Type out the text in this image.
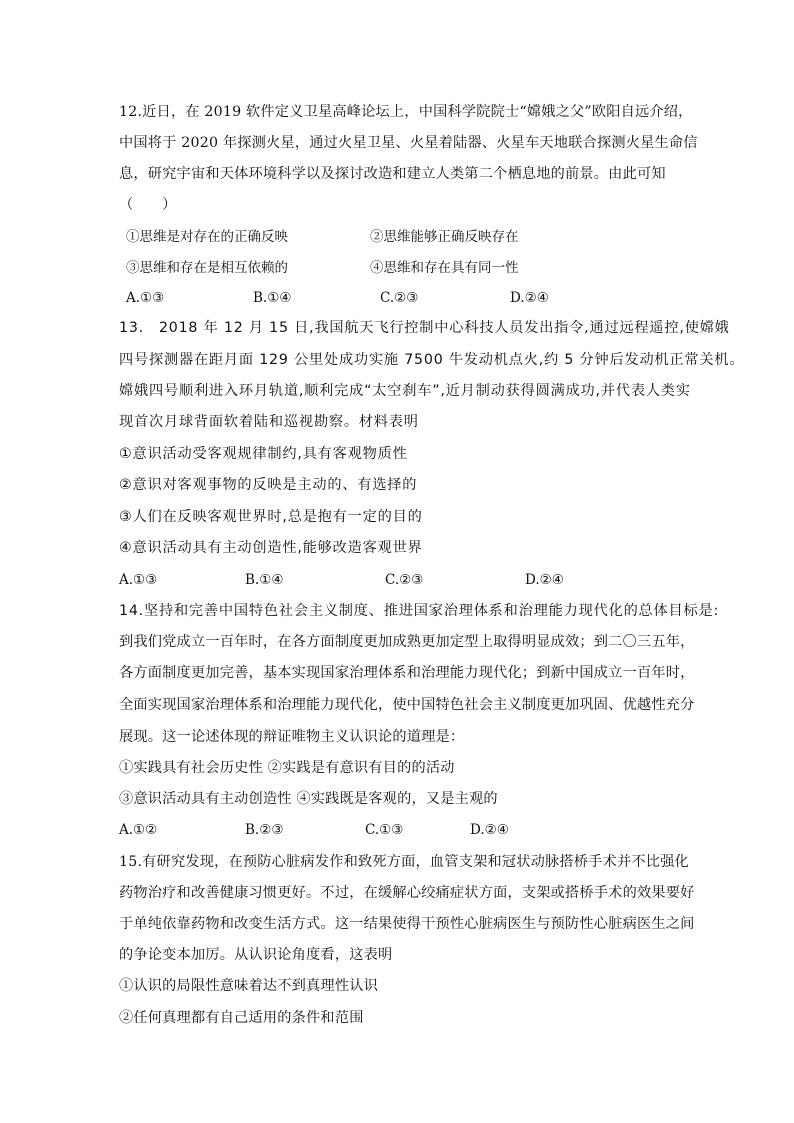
12.近日，在 2019 软件定义卫星高峰论坛上，中国科学院院士“嫦娥之父”欧阳自远介绍，
中国将于 2020 年探测火星，通过火星卫星、火星着陆器、火星车天地联合探测火星生命信
息，研究宇宙和天体环境科学以及探讨改造和建立人类第二个栖息地的前景。由此可知
（　　）
①思维是对存在的正确反映	②思维能够正确反映存在
③思维和存在是相互依赖的	④思维和存在具有同一性
A.①③	B.①④	C.②③	D.②④
13.　2018 年 12 月 15 日,我国航天飞行控制中心科技人员发出指令,通过远程遥控,使嫦娥
四号探测器在距月面 129 公里处成功实施 7500 牛发动机点火,约 5 分钟后发动机正常关机。
嫦娥四号顺利进入环月轨道,顺利完成“太空刹车”,近月制动获得圆满成功,并代表人类实
现首次月球背面软着陆和巡视勘察。材料表明
①意识活动受客观规律制约,具有客观物质性
②意识对客观事物的反映是主动的、有选择的
③人们在反映客观世界时,总是抱有一定的目的
④意识活动具有主动创造性,能够改造客观世界
A.①③	B.①④	C.②③	D.②④
14.坚持和完善中国特色社会主义制度、推进国家治理体系和治理能力现代化的总体目标是:
到我们党成立一百年时，在各方面制度更加成熟更加定型上取得明显成效；到二〇三五年，
各方面制度更加完善，基本实现国家治理体系和治理能力现代化；到新中国成立一百年时，
全面实现国家治理体系和治理能力现代化，使中国特色社会主义制度更加巩固、优越性充分
展现。这一论述体现的辩证唯物主义认识论的道理是：
①实践具有社会历史性 ②实践是有意识有目的的活动
③意识活动具有主动创造性 ④实践既是客观的，又是主观的
A.①②	B.②③	C.①③	D.②④
15.有研究发现，在预防心脏病发作和致死方面，血管支架和冠状动脉搭桥手术并不比强化
药物治疗和改善健康习惯更好。不过，在缓解心绞痛症状方面，支架或搭桥手术的效果要好
于单纯依靠药物和改变生活方式。这一结果使得干预性心脏病医生与预防性心脏病医生之间
的争论变本加厉。从认识论角度看，这表明
①认识的局限性意味着达不到真理性认识
②任何真理都有自己适用的条件和范围
